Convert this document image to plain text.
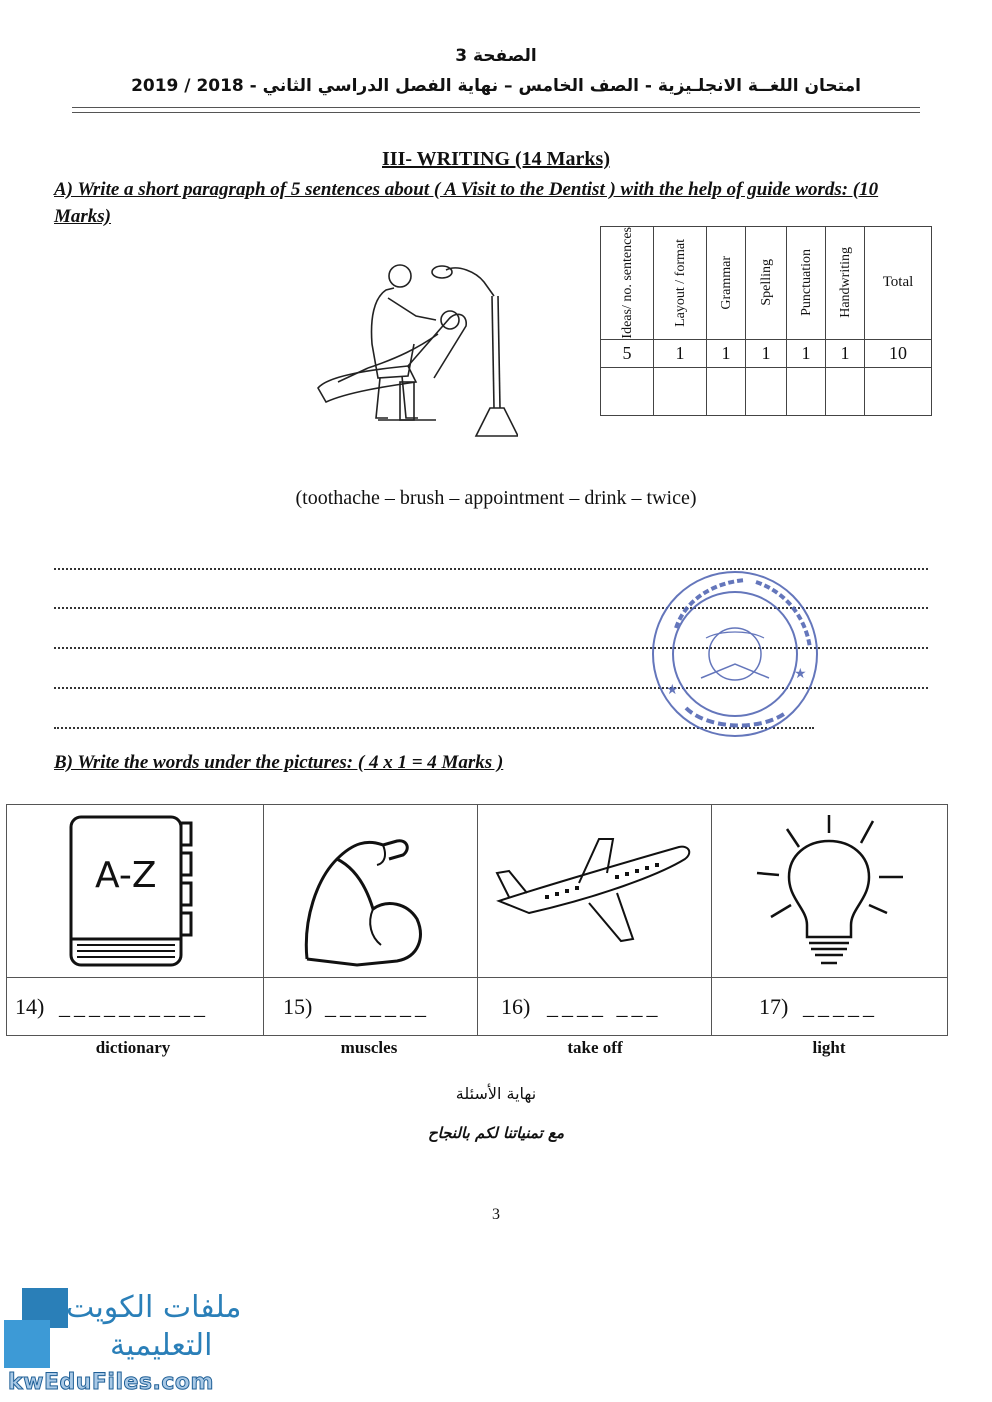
الصفحة 3
امتحان اللغــة الانجلـيزية - الصف الخامس – نهاية الفصل الدراسي الثاني - 2018 / 2019
III- WRITING (14 Marks)
A) Write a short paragraph of 5 sentences about ( A Visit to the Dentist ) with the help of guide words: (10 Marks)
Ideas/ no. sentences	Layout / format	Grammar	Spelling	Punctuation	Handwriting	Total
5	1	1	1	1	1	10

(toothache – brush – appointment – drink – twice)
★
★
B) Write the words under the pictures: ( 4 x 1 = 4 Marks )
A-Z
14) __________	15) _______	16) ____ ___	17) _____
dictionary	muscles	take off	light
نهاية الأسئلة
مع تمنياتنا لكم بالنجاح
3
ملفات الكويت
التعليمية
kwEduFiles.com
